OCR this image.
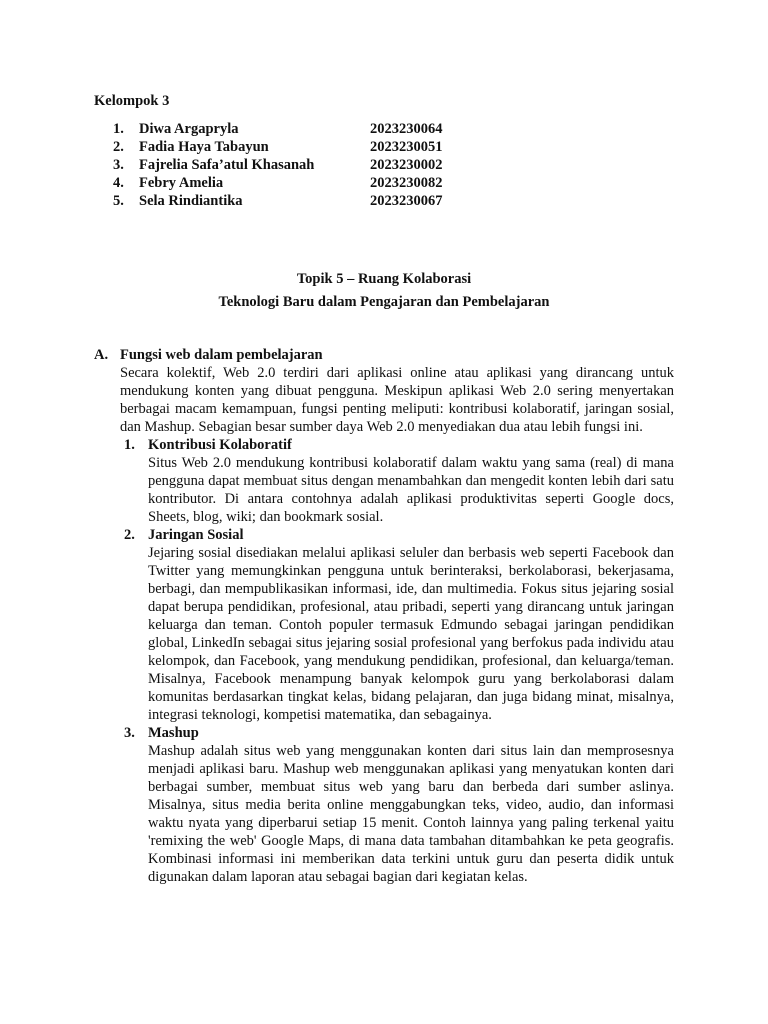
Kelompok 3
1.	Diwa Argapryla	2023230064
2.	Fadia Haya Tabayun	2023230051
3.	Fajrelia Safa’atul Khasanah	2023230002
4.	Febry Amelia	2023230082
5.	Sela Rindiantika	2023230067
Topik 5 – Ruang Kolaborasi
Teknologi Baru dalam Pengajaran dan Pembelajaran
A. Fungsi web dalam pembelajaran
Secara kolektif, Web 2.0 terdiri dari aplikasi online atau aplikasi yang dirancang untuk mendukung konten yang dibuat pengguna. Meskipun aplikasi Web 2.0 sering menyertakan berbagai macam kemampuan, fungsi penting meliputi: kontribusi kolaboratif, jaringan sosial, dan Mashup. Sebagian besar sumber daya Web 2.0 menyediakan dua atau lebih fungsi ini.
1. Kontribusi Kolaboratif
Situs Web 2.0 mendukung kontribusi kolaboratif dalam waktu yang sama (real) di mana pengguna dapat membuat situs dengan menambahkan dan mengedit konten lebih dari satu kontributor. Di antara contohnya adalah aplikasi produktivitas seperti Google docs, Sheets, blog, wiki; dan bookmark sosial.
2. Jaringan Sosial
Jejaring sosial disediakan melalui aplikasi seluler dan berbasis web seperti Facebook dan Twitter yang memungkinkan pengguna untuk berinteraksi, berkolaborasi, bekerjasama, berbagi, dan mempublikasikan informasi, ide, dan multimedia. Fokus situs jejaring sosial dapat berupa pendidikan, profesional, atau pribadi, seperti yang dirancang untuk jaringan keluarga dan teman. Contoh populer termasuk Edmundo sebagai jaringan pendidikan global, LinkedIn sebagai situs jejaring sosial profesional yang berfokus pada individu atau kelompok, dan Facebook, yang mendukung pendidikan, profesional, dan keluarga/teman. Misalnya, Facebook menampung banyak kelompok guru yang berkolaborasi dalam komunitas berdasarkan tingkat kelas, bidang pelajaran, dan juga bidang minat, misalnya, integrasi teknologi, kompetisi matematika, dan sebagainya.
3. Mashup
Mashup adalah situs web yang menggunakan konten dari situs lain dan memprosesnya menjadi aplikasi baru. Mashup web menggunakan aplikasi yang menyatukan konten dari berbagai sumber, membuat situs web yang baru dan berbeda dari sumber aslinya. Misalnya, situs media berita online menggabungkan teks, video, audio, dan informasi waktu nyata yang diperbarui setiap 15 menit. Contoh lainnya yang paling terkenal yaitu 'remixing the web' Google Maps, di mana data tambahan ditambahkan ke peta geografis. Kombinasi informasi ini memberikan data terkini untuk guru dan peserta didik untuk digunakan dalam laporan atau sebagai bagian dari kegiatan kelas.
